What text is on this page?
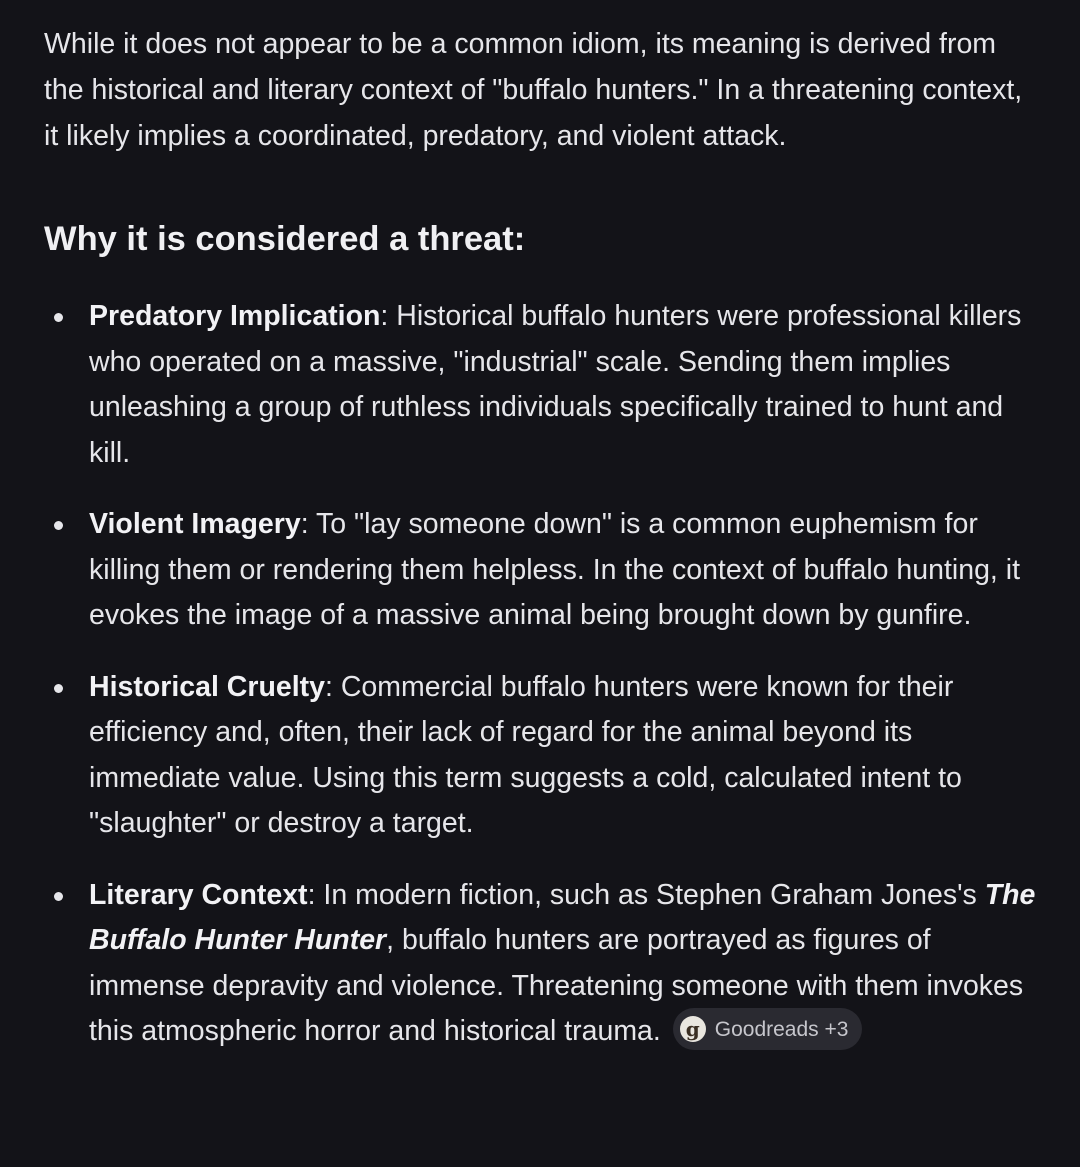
While it does not appear to be a common idiom, its meaning is derived from the historical and literary context of "buffalo hunters." In a threatening context, it likely implies a coordinated, predatory, and violent attack.

Why it is considered a threat:
Predatory Implication: Historical buffalo hunters were professional killers who operated on a massive, "industrial" scale. Sending them implies unleashing a group of ruthless individuals specifically trained to hunt and kill.
Violent Imagery: To "lay someone down" is a common euphemism for killing them or rendering them helpless. In the context of buffalo hunting, it evokes the image of a massive animal being brought down by gunfire.
Historical Cruelty: Commercial buffalo hunters were known for their efficiency and, often, their lack of regard for the animal beyond its immediate value. Using this term suggests a cold, calculated intent to "slaughter" or destroy a target.
Literary Context: In modern fiction, such as Stephen Graham Jones's The Buffalo Hunter Hunter, buffalo hunters are portrayed as figures of immense depravity and violence. Threatening someone with them invokes this atmospheric horror and historical trauma.	g Goodreads +3
